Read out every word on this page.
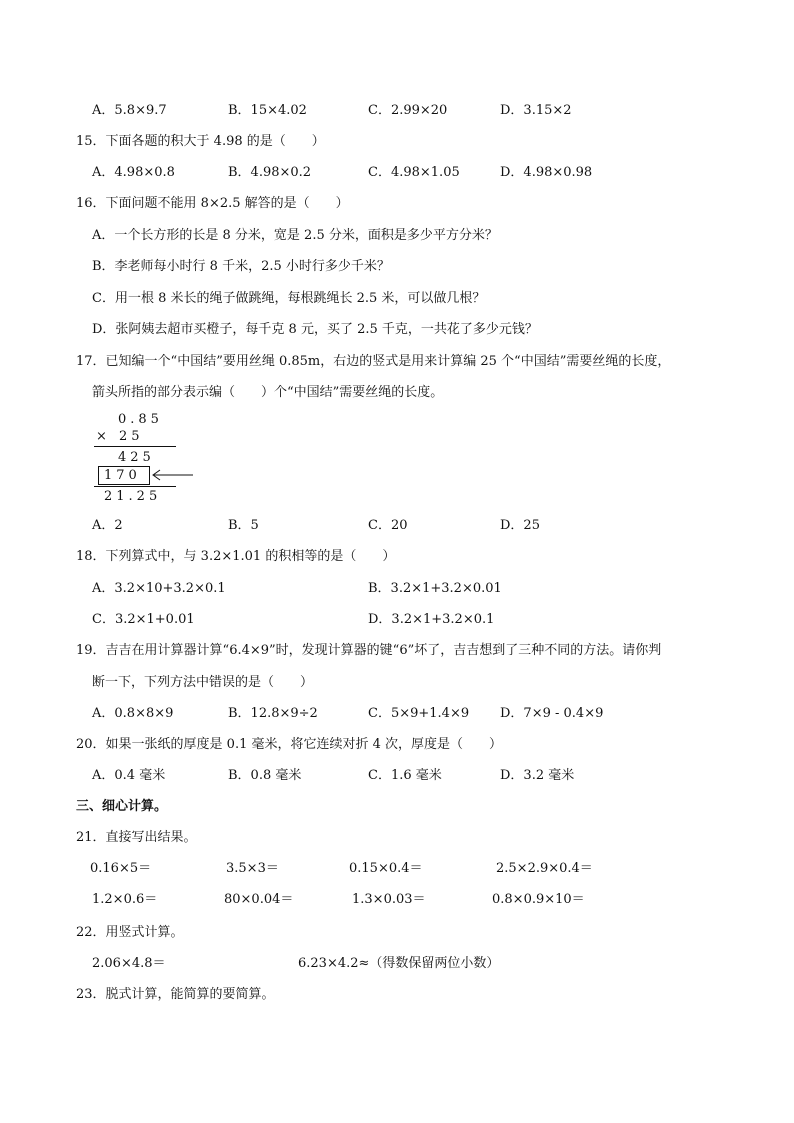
A．5.8×9.7	B．15×4.02	C．2.99×20	D．3.15×2
15．下面各题的积大于 4.98 的是（　　）
A．4.98×0.8	B．4.98×0.2	C．4.98×1.05	D．4.98×0.98
16．下面问题不能用 8×2.5 解答的是（　　）
A．一个长方形的长是 8 分米，宽是 2.5 分米，面积是多少平方分米？
B．李老师每小时行 8 千米，2.5 小时行多少千米？
C．用一根 8 米长的绳子做跳绳，每根跳绳长 2.5 米，可以做几根？
D．张阿姨去超市买橙子，每千克 8 元，买了 2.5 千克，一共花了多少元钱？
17．已知编一个“中国结”要用丝绳 0.85m，右边的竖式是用来计算编 25 个“中国结”需要丝绳的长度，
箭头所指的部分表示编（　　）个“中国结”需要丝绳的长度。
0.85
× 25
425
170
21.25
A．2	B．5	C．20	D．25
18．下列算式中，与 3.2×1.01 的积相等的是（　　）
A．3.2×10+3.2×0.1	B．3.2×1+3.2×0.01
C．3.2×1+0.01	D．3.2×1+3.2×0.1
19．吉吉在用计算器计算“6.4×9”时，发现计算器的键“6”坏了，吉吉想到了三种不同的方法。请你判
断一下，下列方法中错误的是（　　）
A．0.8×8×9	B．12.8×9÷2	C．5×9+1.4×9 D．7×9 - 0.4×9
20．如果一张纸的厚度是 0.1 毫米，将它连续对折 4 次，厚度是（　　）
A．0.4 毫米	B．0.8 毫米	C．1.6 毫米	D．3.2 毫米
三、细心计算。
21．直接写出结果。
0.16×5＝	3.5×3＝	0.15×0.4＝	2.5×2.9×0.4＝
1.2×0.6＝	80×0.04＝	1.3×0.03＝	0.8×0.9×10＝
22．用竖式计算。
2.06×4.8＝	6.23×4.2≈（得数保留两位小数）
23．脱式计算，能简算的要简算。
